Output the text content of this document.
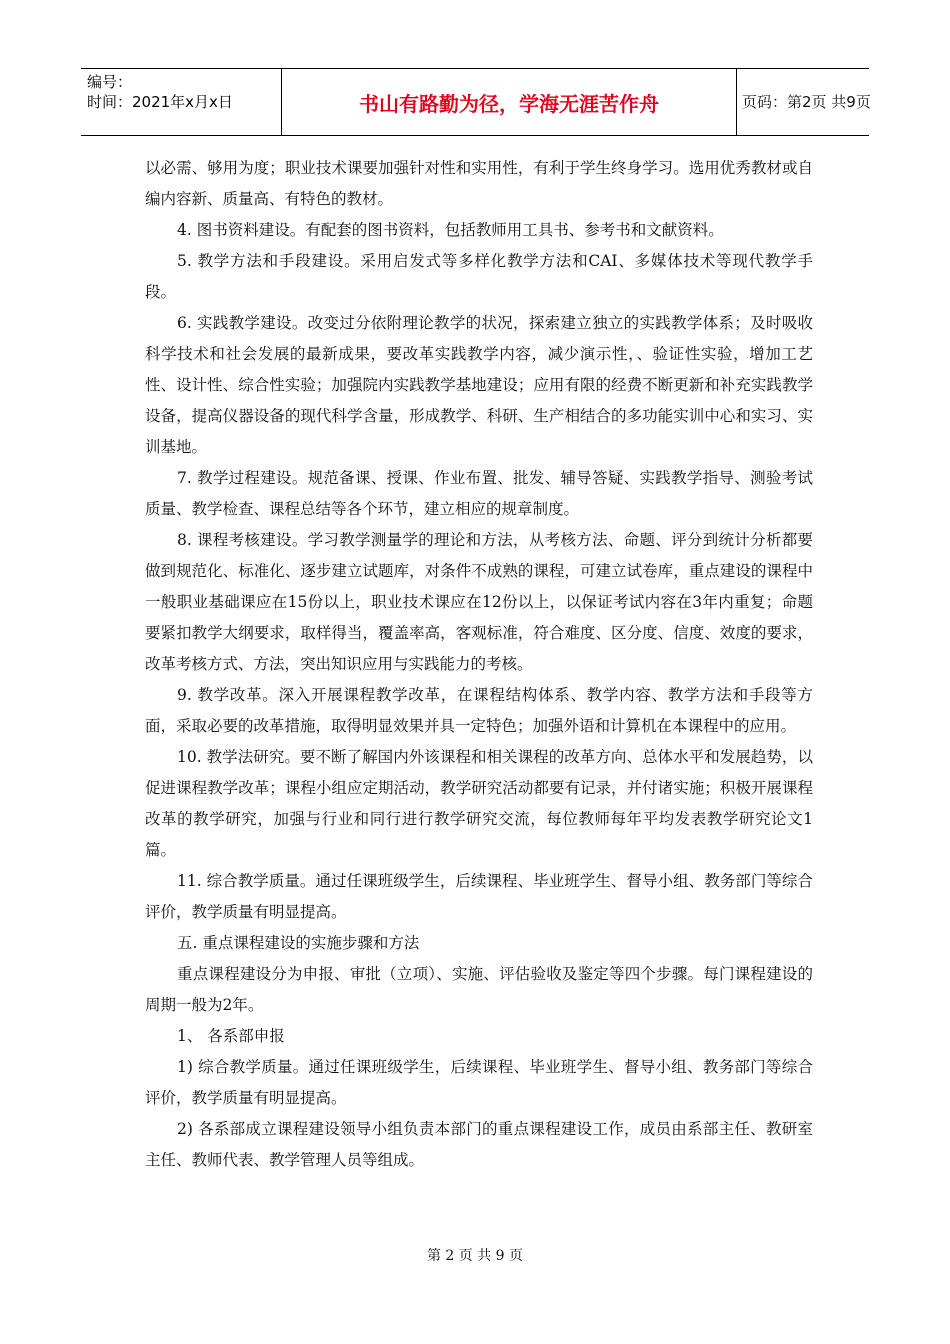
编号：
时间：2021年x月x日	书山有路勤为径，学海无涯苦作舟	页码：第2页 共9页

以必需、够用为度；职业技术课要加强针对性和实用性，有利于学生终身学习。选用优秀教材或自编内容新、质量高、有特色的教材。

4. 图书资料建设。有配套的图书资料，包括教师用工具书、参考书和文献资料。

5. 教学方法和手段建设。采用启发式等多样化教学方法和CAI、多媒体技术等现代教学手段。

6. 实践教学建设。改变过分依附理论教学的状况，探索建立独立的实践教学体系；及时吸收科学技术和社会发展的最新成果，要改革实践教学内容，减少演示性，、验证性实验，增加工艺性、设计性、综合性实验；加强院内实践教学基地建设；应用有限的经费不断更新和补充实践教学设备，提高仪器设备的现代科学含量，形成教学、科研、生产相结合的多功能实训中心和实习、实训基地。

7. 教学过程建设。规范备课、授课、作业布置、批发、辅导答疑、实践教学指导、测验考试质量、教学检查、课程总结等各个环节，建立相应的规章制度。

8. 课程考核建设。学习教学测量学的理论和方法，从考核方法、命题、评分到统计分析都要做到规范化、标准化、逐步建立试题库，对条件不成熟的课程，可建立试卷库，重点建设的课程中一般职业基础课应在15份以上，职业技术课应在12份以上，以保证考试内容在3年内重复；命题要紧扣教学大纲要求，取样得当，覆盖率高，客观标准，符合难度、区分度、信度、效度的要求，改革考核方式、方法，突出知识应用与实践能力的考核。

9. 教学改革。深入开展课程教学改革，在课程结构体系、教学内容、教学方法和手段等方面，采取必要的改革措施，取得明显效果并具一定特色；加强外语和计算机在本课程中的应用。

10. 教学法研究。要不断了解国内外该课程和相关课程的改革方向、总体水平和发展趋势，以促进课程教学改革；课程小组应定期活动，教学研究活动都要有记录，并付诸实施；积极开展课程改革的教学研究，加强与行业和同行进行教学研究交流，每位教师每年平均发表教学研究论文1篇。

11. 综合教学质量。通过任课班级学生，后续课程、毕业班学生、督导小组、教务部门等综合评价，教学质量有明显提高。

五. 重点课程建设的实施步骤和方法

重点课程建设分为申报、审批（立项）、实施、评估验收及鉴定等四个步骤。每门课程建设的周期一般为2年。

1、 各系部申报

1) 综合教学质量。通过任课班级学生，后续课程、毕业班学生、督导小组、教务部门等综合评价，教学质量有明显提高。

2) 各系部成立课程建设领导小组负责本部门的重点课程建设工作，成员由系部主任、教研室主任、教师代表、教学管理人员等组成。

第 2 页 共 9 页
